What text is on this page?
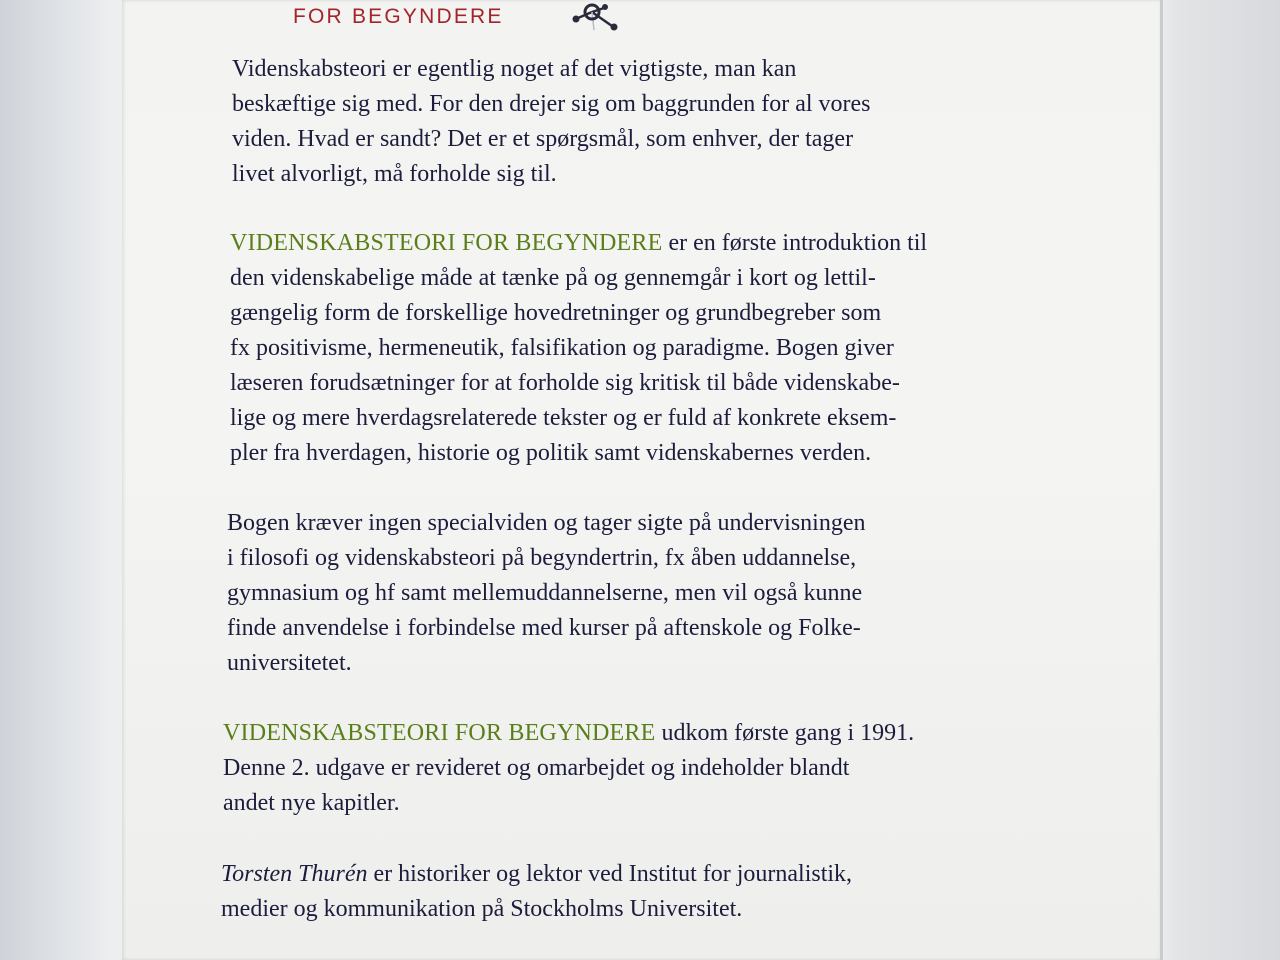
FOR BEGYNDERE
Videnskabsteori er egentlig noget af det vigtigste, man kan
beskæftige sig med. For den drejer sig om baggrunden for al vores
viden. Hvad er sandt? Det er et spørgsmål, som enhver, der tager
livet alvorligt, må forholde sig til.
VIDENSKABSTEORI FOR BEGYNDERE er en første introduktion til
den videnskabelige måde at tænke på og gennemgår i kort og lettil-
gængelig form de forskellige hovedretninger og grundbegreber som
fx positivisme, hermeneutik, falsifikation og paradigme. Bogen giver
læseren forudsætninger for at forholde sig kritisk til både videnskabe-
lige og mere hverdagsrelaterede tekster og er fuld af konkrete eksem-
pler fra hverdagen, historie og politik samt videnskabernes verden.
Bogen kræver ingen specialviden og tager sigte på undervisningen
i filosofi og videnskabsteori på begyndertrin, fx åben uddannelse,
gymnasium og hf samt mellemuddannelserne, men vil også kunne
finde anvendelse i forbindelse med kurser på aftenskole og Folke-
universitetet.
VIDENSKABSTEORI FOR BEGYNDERE udkom første gang i 1991.
Denne 2. udgave er revideret og omarbejdet og indeholder blandt
andet nye kapitler.
Torsten Thurén er historiker og lektor ved Institut for journalistik,
medier og kommunikation på Stockholms Universitet.
